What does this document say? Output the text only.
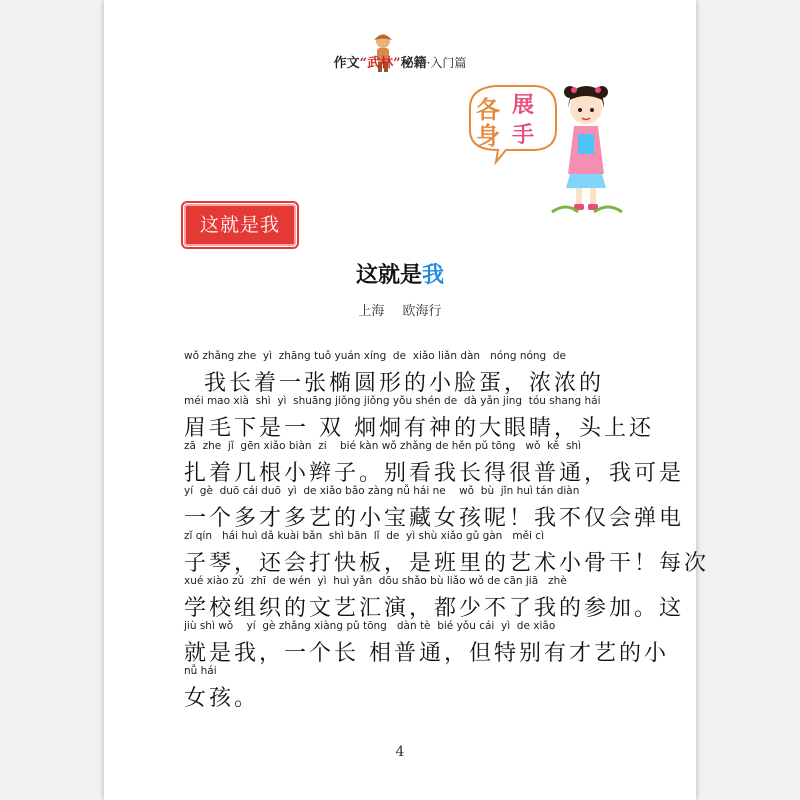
作文“武林”秘籍·入门篇
各 展
身 手
这就是我
这就是我
上海 欧海行
wǒ zhǎng zhe  yì  zhāng tuǒ yuán xíng  de  xiǎo liǎn dàn   nóng nóng  de
我长着一张椭圆形的小脸蛋，浓浓的
méi mao xià  shì  yì  shuāng jiǒng jiǒng yǒu shén de  dà yǎn jing  tóu shang hái
眉毛下是一 双 炯炯有神的大眼睛，头上还
zā  zhe  jǐ  gēn xiǎo biàn  zi    bié kàn wǒ zhǎng de hěn pǔ tōng   wǒ  kě  shì
扎着几根小辫子。别看我长得很普通，我可是
yí  gè  duō cái duō  yì  de xiǎo bǎo zàng nǚ hái ne    wǒ  bù  jǐn huì tán diàn
一个多才多艺的小宝藏女孩呢！我不仅会弹电
zǐ qín   hái huì dǎ kuài bǎn  shì bān  lǐ  de  yì shù xiǎo gǔ gàn   měi cì
子琴，还会打快板，是班里的艺术小骨干！每次
xué xiào zǔ  zhī  de wén  yì  huì yǎn  dōu shǎo bù liǎo wǒ de cān jiā   zhè
学校组织的文艺汇演，都少不了我的参加。这
jiù shì wǒ    yí  gè zhǎng xiàng pǔ tōng   dàn tè  bié yǒu cái  yì  de xiǎo
就是我，一个长 相普通，但特别有才艺的小
nǚ hái
女孩。
4
